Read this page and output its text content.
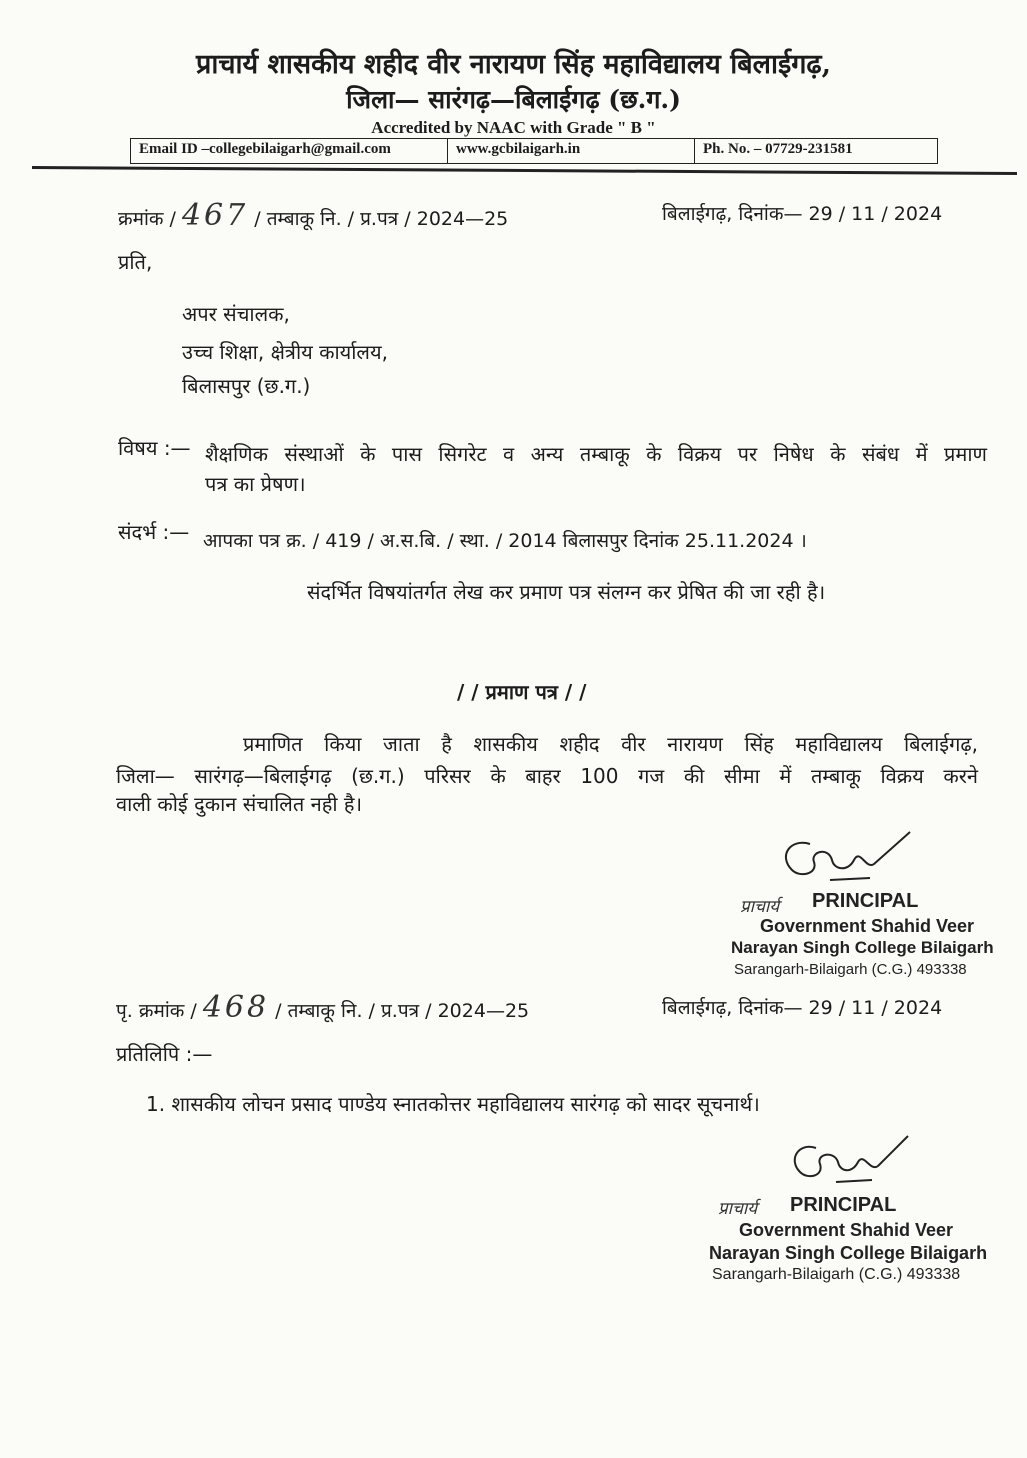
प्राचार्य शासकीय शहीद वीर नारायण सिंह महाविद्यालय बिलाईगढ़,
जिला— सारंगढ़—बिलाईगढ़ (छ.ग.)
Accredited by NAAC with Grade " B "
Email ID –collegebilaigarh@gmail.com	www.gcbilaigarh.in	Ph. No. – 07729-231581
क्रमांक / 467 / तम्बाकू नि. / प्र.पत्र / 2024—25	बिलाईगढ़, दिनांक— 29 / 11 / 2024
प्रति,
अपर संचालक,
उच्च शिक्षा, क्षेत्रीय कार्यालय,
बिलासपुर (छ.ग.)
विषय :— शैक्षणिक संस्थाओं के पास सिगरेट व अन्य तम्बाकू के विक्रय पर निषेध के संबंध में प्रमाण
पत्र का प्रेषण।
संदर्भ :— आपका पत्र क्र. / 419 / अ.स.बि. / स्था. / 2014 बिलासपुर दिनांक 25.11.2024 ।
संदर्भित विषयांतर्गत लेख कर प्रमाण पत्र संलग्न कर प्रेषित की जा रही है।
/ / प्रमाण पत्र / /
प्रमाणित किया जाता है शासकीय शहीद वीर नारायण सिंह महाविद्यालय बिलाईगढ़,
जिला— सारंगढ़—बिलाईगढ़ (छ.ग.) परिसर के बाहर 100 गज की सीमा में तम्बाकू विक्रय करने
वाली कोई दुकान संचालित नही है।
प्राचार्य PRINCIPAL
Government Shahid Veer
Narayan Singh College Bilaigarh
Sarangarh-Bilaigarh (C.G.) 493338
पृ. क्रमांक / 468 / तम्बाकू नि. / प्र.पत्र / 2024—25	बिलाईगढ़, दिनांक— 29 / 11 / 2024
प्रतिलिपि :—
1. शासकीय लोचन प्रसाद पाण्डेय स्नातकोत्तर महाविद्यालय सारंगढ़ को सादर सूचनार्थ।
प्राचार्य PRINCIPAL
Government Shahid Veer
Narayan Singh College Bilaigarh
Sarangarh-Bilaigarh (C.G.) 493338
